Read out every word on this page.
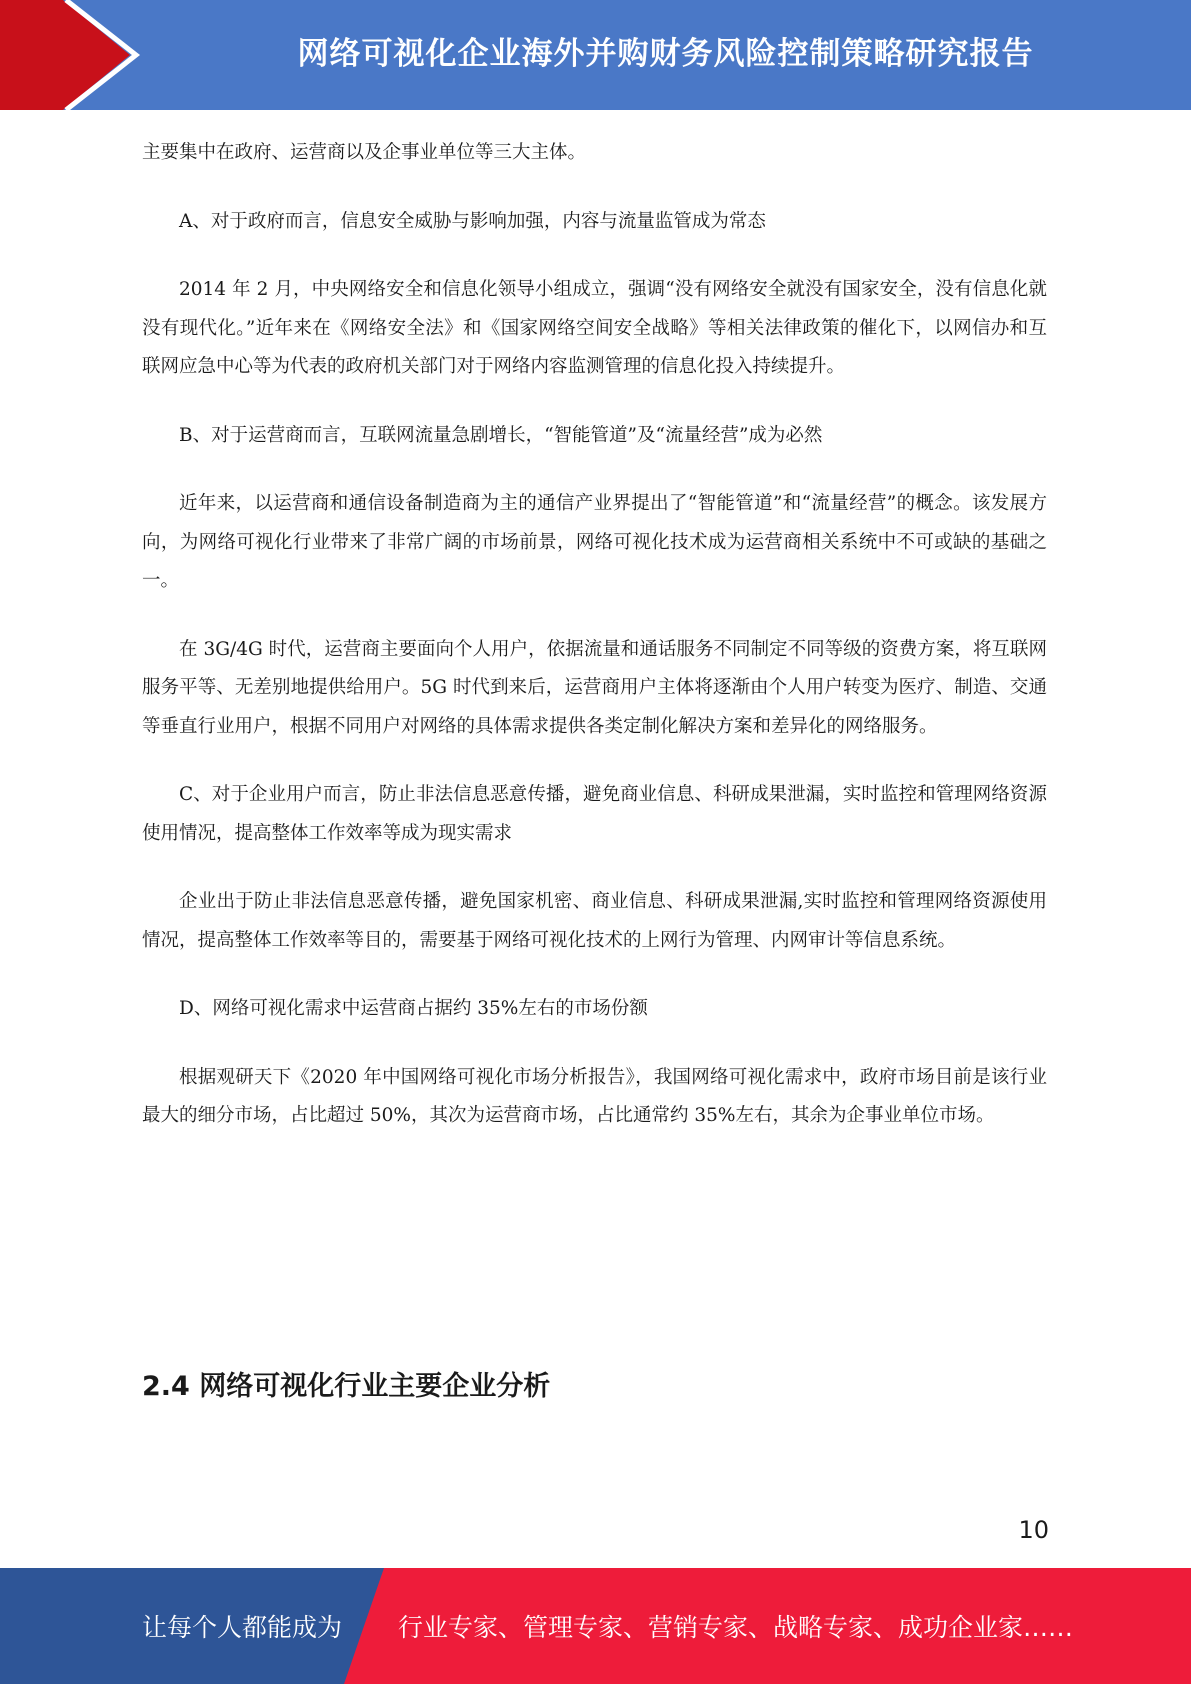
网络可视化企业海外并购财务风险控制策略研究报告

主要集中在政府、运营商以及企事业单位等三大主体。

A、对于政府而言，信息安全威胁与影响加强，内容与流量监管成为常态

2014 年 2 月，中央网络安全和信息化领导小组成立，强调“没有网络安全就没有国家安全，没有信息化就没有现代化。”近年来在《网络安全法》和《国家网络空间安全战略》等相关法律政策的催化下，以网信办和互联网应急中心等为代表的政府机关部门对于网络内容监测管理的信息化投入持续提升。

B、对于运营商而言，互联网流量急剧增长，“智能管道”及“流量经营”成为必然

近年来，以运营商和通信设备制造商为主的通信产业界提出了“智能管道”和“流量经营”的概念。该发展方向，为网络可视化行业带来了非常广阔的市场前景，网络可视化技术成为运营商相关系统中不可或缺的基础之一。

在 3G/4G 时代，运营商主要面向个人用户，依据流量和通话服务不同制定不同等级的资费方案，将互联网服务平等、无差别地提供给用户。5G 时代到来后，运营商用户主体将逐渐由个人用户转变为医疗、制造、交通等垂直行业用户，根据不同用户对网络的具体需求提供各类定制化解决方案和差异化的网络服务。

C、对于企业用户而言，防止非法信息恶意传播，避免商业信息、科研成果泄漏，实时监控和管理网络资源使用情况，提高整体工作效率等成为现实需求

企业出于防止非法信息恶意传播，避免国家机密、商业信息、科研成果泄漏,实时监控和管理网络资源使用情况，提高整体工作效率等目的，需要基于网络可视化技术的上网行为管理、内网审计等信息系统。

D、网络可视化需求中运营商占据约 35%左右的市场份额

根据观研天下《2020 年中国网络可视化市场分析报告》，我国网络可视化需求中，政府市场目前是该行业最大的细分市场，占比超过 50%，其次为运营商市场，占比通常约 35%左右，其余为企事业单位市场。

2.4 网络可视化行业主要企业分析
10
让每个人都能成为 行业专家、管理专家、营销专家、战略专家、成功企业家……
